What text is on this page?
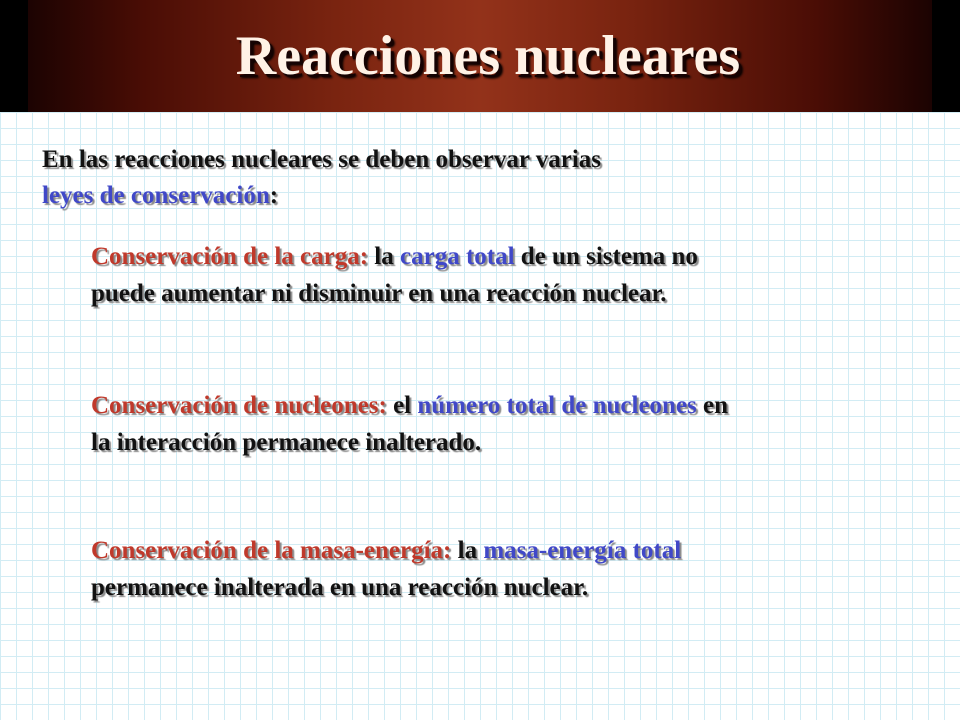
Reacciones nucleares

En las reacciones nucleares se deben observar varias
leyes de conservación:

Conservación de la carga: la carga total de un sistema no puede aumentar ni disminuir en una reacción nuclear.

Conservación de nucleones: el número total de nucleones en la interacción permanece inalterado.

Conservación de la masa-energía: la masa-energía total permanece inalterada en una reacción nuclear.
